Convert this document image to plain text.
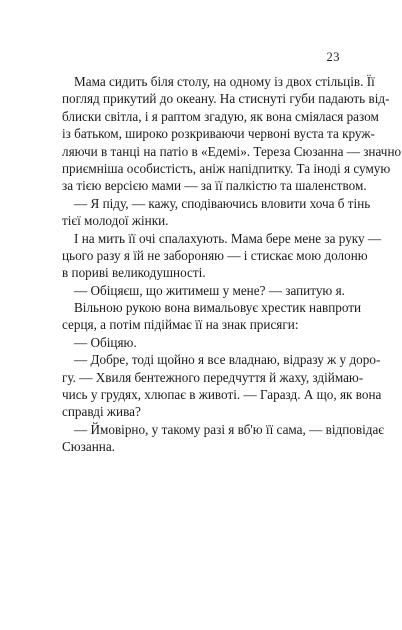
23
Мама сидить біля столу, на одному із двох стільців. Її
погляд прикутий до океану. На стиснуті губи падають від-
блиски світла, і я раптом згадую, як вона сміялася разом
із батьком, широко розкриваючи червоні вуста та круж-
ляючи в танці на патіо в «Едемі». Тереза Сюзанна — значно
приємніша особистість, аніж напідпитку. Та іноді я сумую
за тією версією мами — за її палкістю та шаленством.
— Я піду, — кажу, сподіваючись вловити хоча б тінь
тієї молодої жінки.
І на мить її очі спалахують. Мама бере мене за руку —
цього разу я їй не забороняю — і стискає мою долоню
в пориві великодушності.
— Обіцяєш, що житимеш у мене? — запитую я.
Вільною рукою вона вимальовує хрестик навпроти
серця, а потім підіймає її на знак присяги:
— Обіцяю.
— Добре, тоді щойно я все владнаю, відразу ж у доро-
гу. — Хвиля бентежного передчуття й жаху, здіймаю-
чись у грудях, хлюпає в животі. — Гаразд. А що, як вона
справді жива?
— Ймовірно, у такому разі я вб'ю її сама, — відповідає
Сюзанна.
